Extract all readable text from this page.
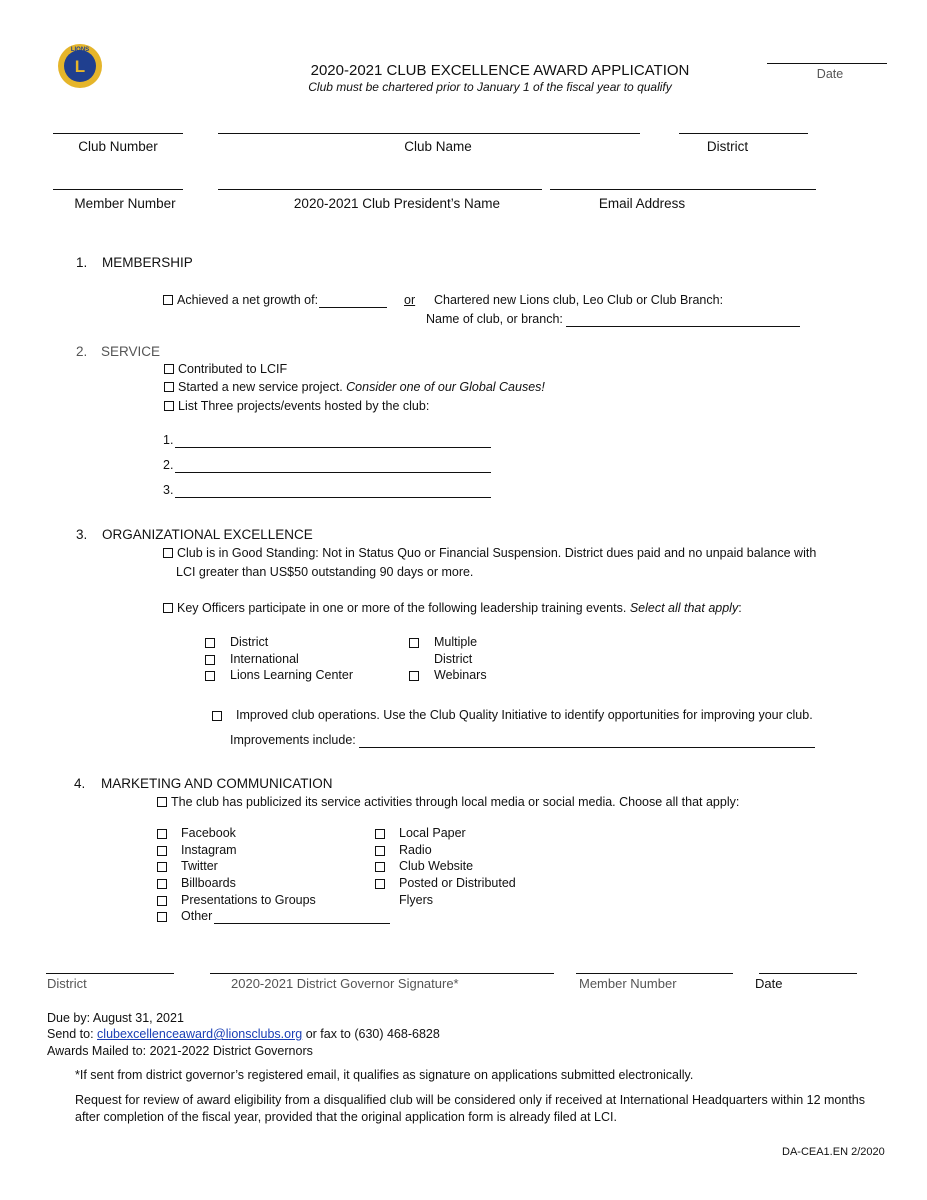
L
LIONS
2020-2021 CLUB EXCELLENCE AWARD APPLICATION
Club must be chartered prior to January 1 of the fiscal year to qualify
Date
Club Number	Club Name	District
Member Number	2020-2021 Club President’s Name	Email Address
1. MEMBERSHIP
Achieved a net growth of:	or Chartered new Lions club, Leo Club or Club Branch:
Name of club, or branch:
2. SERVICE
Contributed to LCIF
Started a new service project. Consider one of our Global Causes!
List Three projects/events hosted by the club:
1.
2.
3.
3. ORGANIZATIONAL EXCELLENCE
Club is in Good Standing: Not in Status Quo or Financial Suspension. District dues paid and no unpaid balance with
LCI greater than US$50 outstanding 90 days or more.
Key Officers participate in one or more of the following leadership training events. Select all that apply:
District
International
Lions Learning Center
Multiple
District
Webinars
Improved club operations. Use the Club Quality Initiative to identify opportunities for improving your club.
Improvements include:
4. MARKETING AND COMMUNICATION
The club has publicized its service activities through local media or social media. Choose all that apply:
Facebook
Instagram
Twitter
Billboards
Presentations to Groups
Other
Local Paper
Radio
Club Website
Posted or Distributed
Flyers
District	2020-2021 District Governor Signature*	Member Number	Date
Due by: August 31, 2021
Send to: clubexcellenceaward@lionsclubs.org or fax to (630) 468-6828
Awards Mailed to: 2021-2022 District Governors
*If sent from district governor’s registered email, it qualifies as signature on applications submitted electronically.
Request for review of award eligibility from a disqualified club will be considered only if received at International Headquarters within 12 months
after completion of the fiscal year, provided that the original application form is already filed at LCI.
DA-CEA1.EN 2/2020
